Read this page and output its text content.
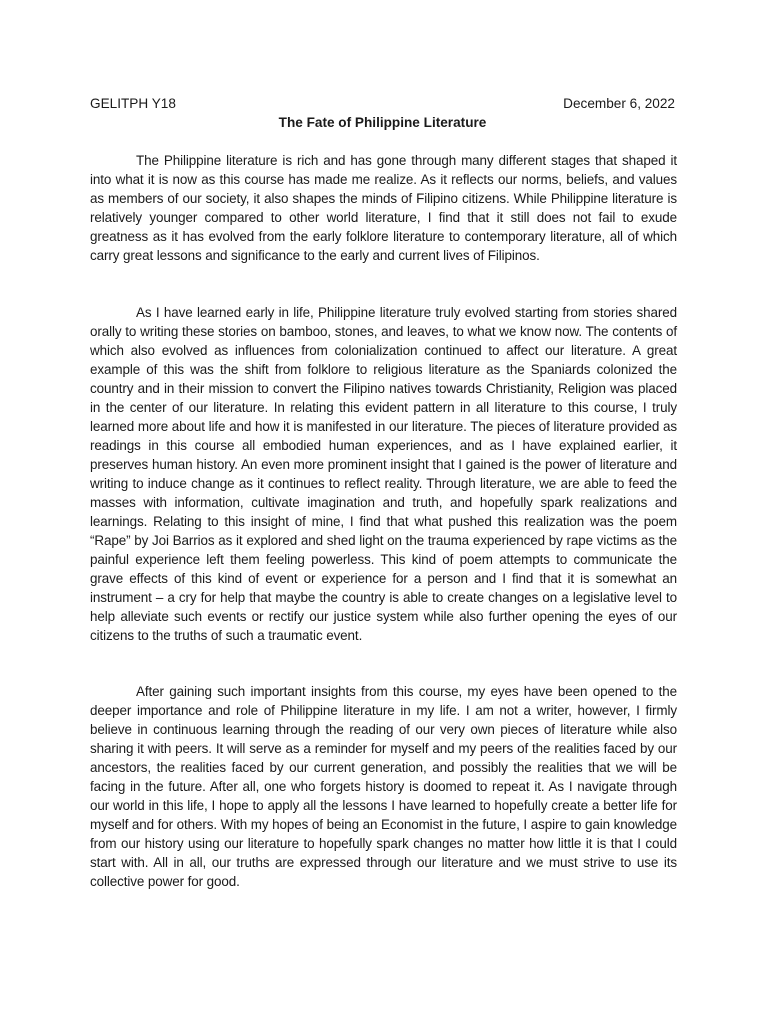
GELITPH Y18	December 6, 2022
The Fate of Philippine Literature

The Philippine literature is rich and has gone through many different stages that shaped it into what it is now as this course has made me realize. As it reflects our norms, beliefs, and values as members of our society, it also shapes the minds of Filipino citizens. While Philippine literature is relatively younger compared to other world literature, I find that it still does not fail to exude greatness as it has evolved from the early folklore literature to contemporary literature, all of which carry great lessons and significance to the early and current lives of Filipinos.

As I have learned early in life, Philippine literature truly evolved starting from stories shared orally to writing these stories on bamboo, stones, and leaves, to what we know now. The contents of which also evolved as influences from colonialization continued to affect our literature. A great example of this was the shift from folklore to religious literature as the Spaniards colonized the country and in their mission to convert the Filipino natives towards Christianity, Religion was placed in the center of our literature. In relating this evident pattern in all literature to this course, I truly learned more about life and how it is manifested in our literature. The pieces of literature provided as readings in this course all embodied human experiences, and as I have explained earlier, it preserves human history. An even more prominent insight that I gained is the power of literature and writing to induce change as it continues to reflect reality. Through literature, we are able to feed the masses with information, cultivate imagination and truth, and hopefully spark realizations and learnings. Relating to this insight of mine, I find that what pushed this realization was the poem “Rape” by Joi Barrios as it explored and shed light on the trauma experienced by rape victims as the painful experience left them feeling powerless. This kind of poem attempts to communicate the grave effects of this kind of event or experience for a person and I find that it is somewhat an instrument – a cry for help that maybe the country is able to create changes on a legislative level to help alleviate such events or rectify our justice system while also further opening the eyes of our citizens to the truths of such a traumatic event.

After gaining such important insights from this course, my eyes have been opened to the deeper importance and role of Philippine literature in my life. I am not a writer, however, I firmly believe in continuous learning through the reading of our very own pieces of literature while also sharing it with peers. It will serve as a reminder for myself and my peers of the realities faced by our ancestors, the realities faced by our current generation, and possibly the realities that we will be facing in the future. After all, one who forgets history is doomed to repeat it. As I navigate through our world in this life, I hope to apply all the lessons I have learned to hopefully create a better life for myself and for others. With my hopes of being an Economist in the future, I aspire to gain knowledge from our history using our literature to hopefully spark changes no matter how little it is that I could start with. All in all, our truths are expressed through our literature and we must strive to use its collective power for good.
